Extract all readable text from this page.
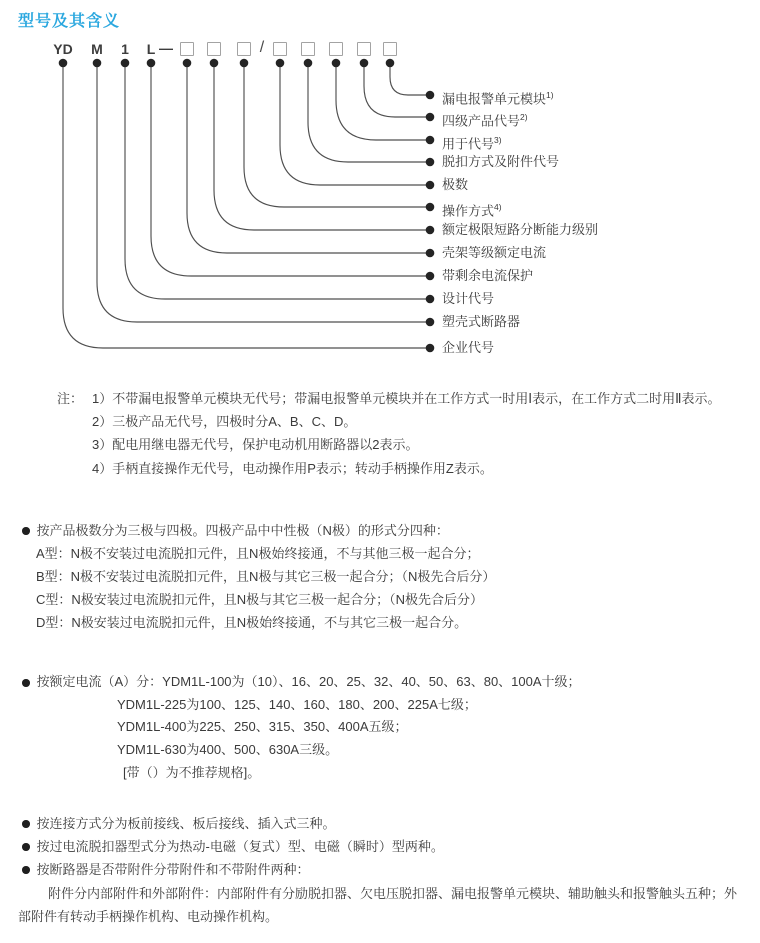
型号及其含义
YD M 1 L —	/
漏电报警单元模块$^{1)}$
四级产品代号$^{2)}$
用于代号$^{3)}$
脱扣方式及附件代号
极数
操作方式$^{4)}$
额定极限短路分断能力级别
壳架等级额定电流
带剩余电流保护
设计代号
塑壳式断路器
企业代号
注： 1）不带漏电报警单元模块无代号；带漏电报警单元模块并在工作方式一时用Ⅰ表示，在工作方式二时用Ⅱ表示。
2）三极产品无代号，四极时分A、B、C、D。
3）配电用继电器无代号，保护电动机用断路器以2表示。
4）手柄直接操作无代号，电动操作用P表示；转动手柄操作用Z表示。
按产品极数分为三极与四极。四极产品中中性极（N极）的形式分四种：
A型：N极不安装过电流脱扣元件，且N极始终接通，不与其他三极一起合分；
B型：N极不安装过电流脱扣元件，且N极与其它三极一起合分；（N极先合后分）
C型：N极安装过电流脱扣元件，且N极与其它三极一起合分；（N极先合后分）
D型：N极安装过电流脱扣元件，且N极始终接通，不与其它三极一起合分。
按额定电流（A）分：YDM1L-100为（10）、16、20、25、32、40、50、63、80、100A十级；
YDM1L-225为100、125、140、160、180、200、225A七级；
YDM1L-400为225、250、315、350、400A五级；
YDM1L-630为400、500、630A三级。
[带（）为不推荐规格]。
按连接方式分为板前接线、板后接线、插入式三种。
按过电流脱扣器型式分为热动-电磁（复式）型、电磁（瞬时）型两种。
按断路器是否带附件分带附件和不带附件两种：
附件分内部附件和外部附件：内部附件有分励脱扣器、欠电压脱扣器、漏电报警单元模块、辅助触头和报警触头五种；外部附件有转动手柄操作机构、电动操作机构。
